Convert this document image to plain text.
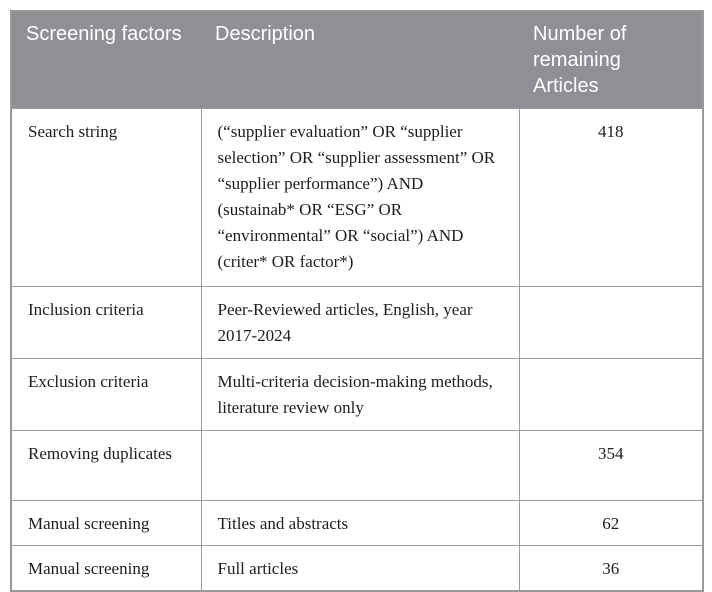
Screening factors	Description	Number of remaining Articles
Search string	(“supplier evaluation” OR “supplier selection” OR “supplier assessment” OR “supplier performance”) AND (sustainab* OR “ESG” OR “environmental” OR “social”) AND (criter* OR factor*)	418
Inclusion criteria	Peer-Reviewed articles, English, year 2017-2024	
Exclusion criteria	Multi-criteria decision-making methods, literature review only	
Removing duplicates		354
Manual screening	Titles and abstracts	62
Manual screening	Full articles	36
